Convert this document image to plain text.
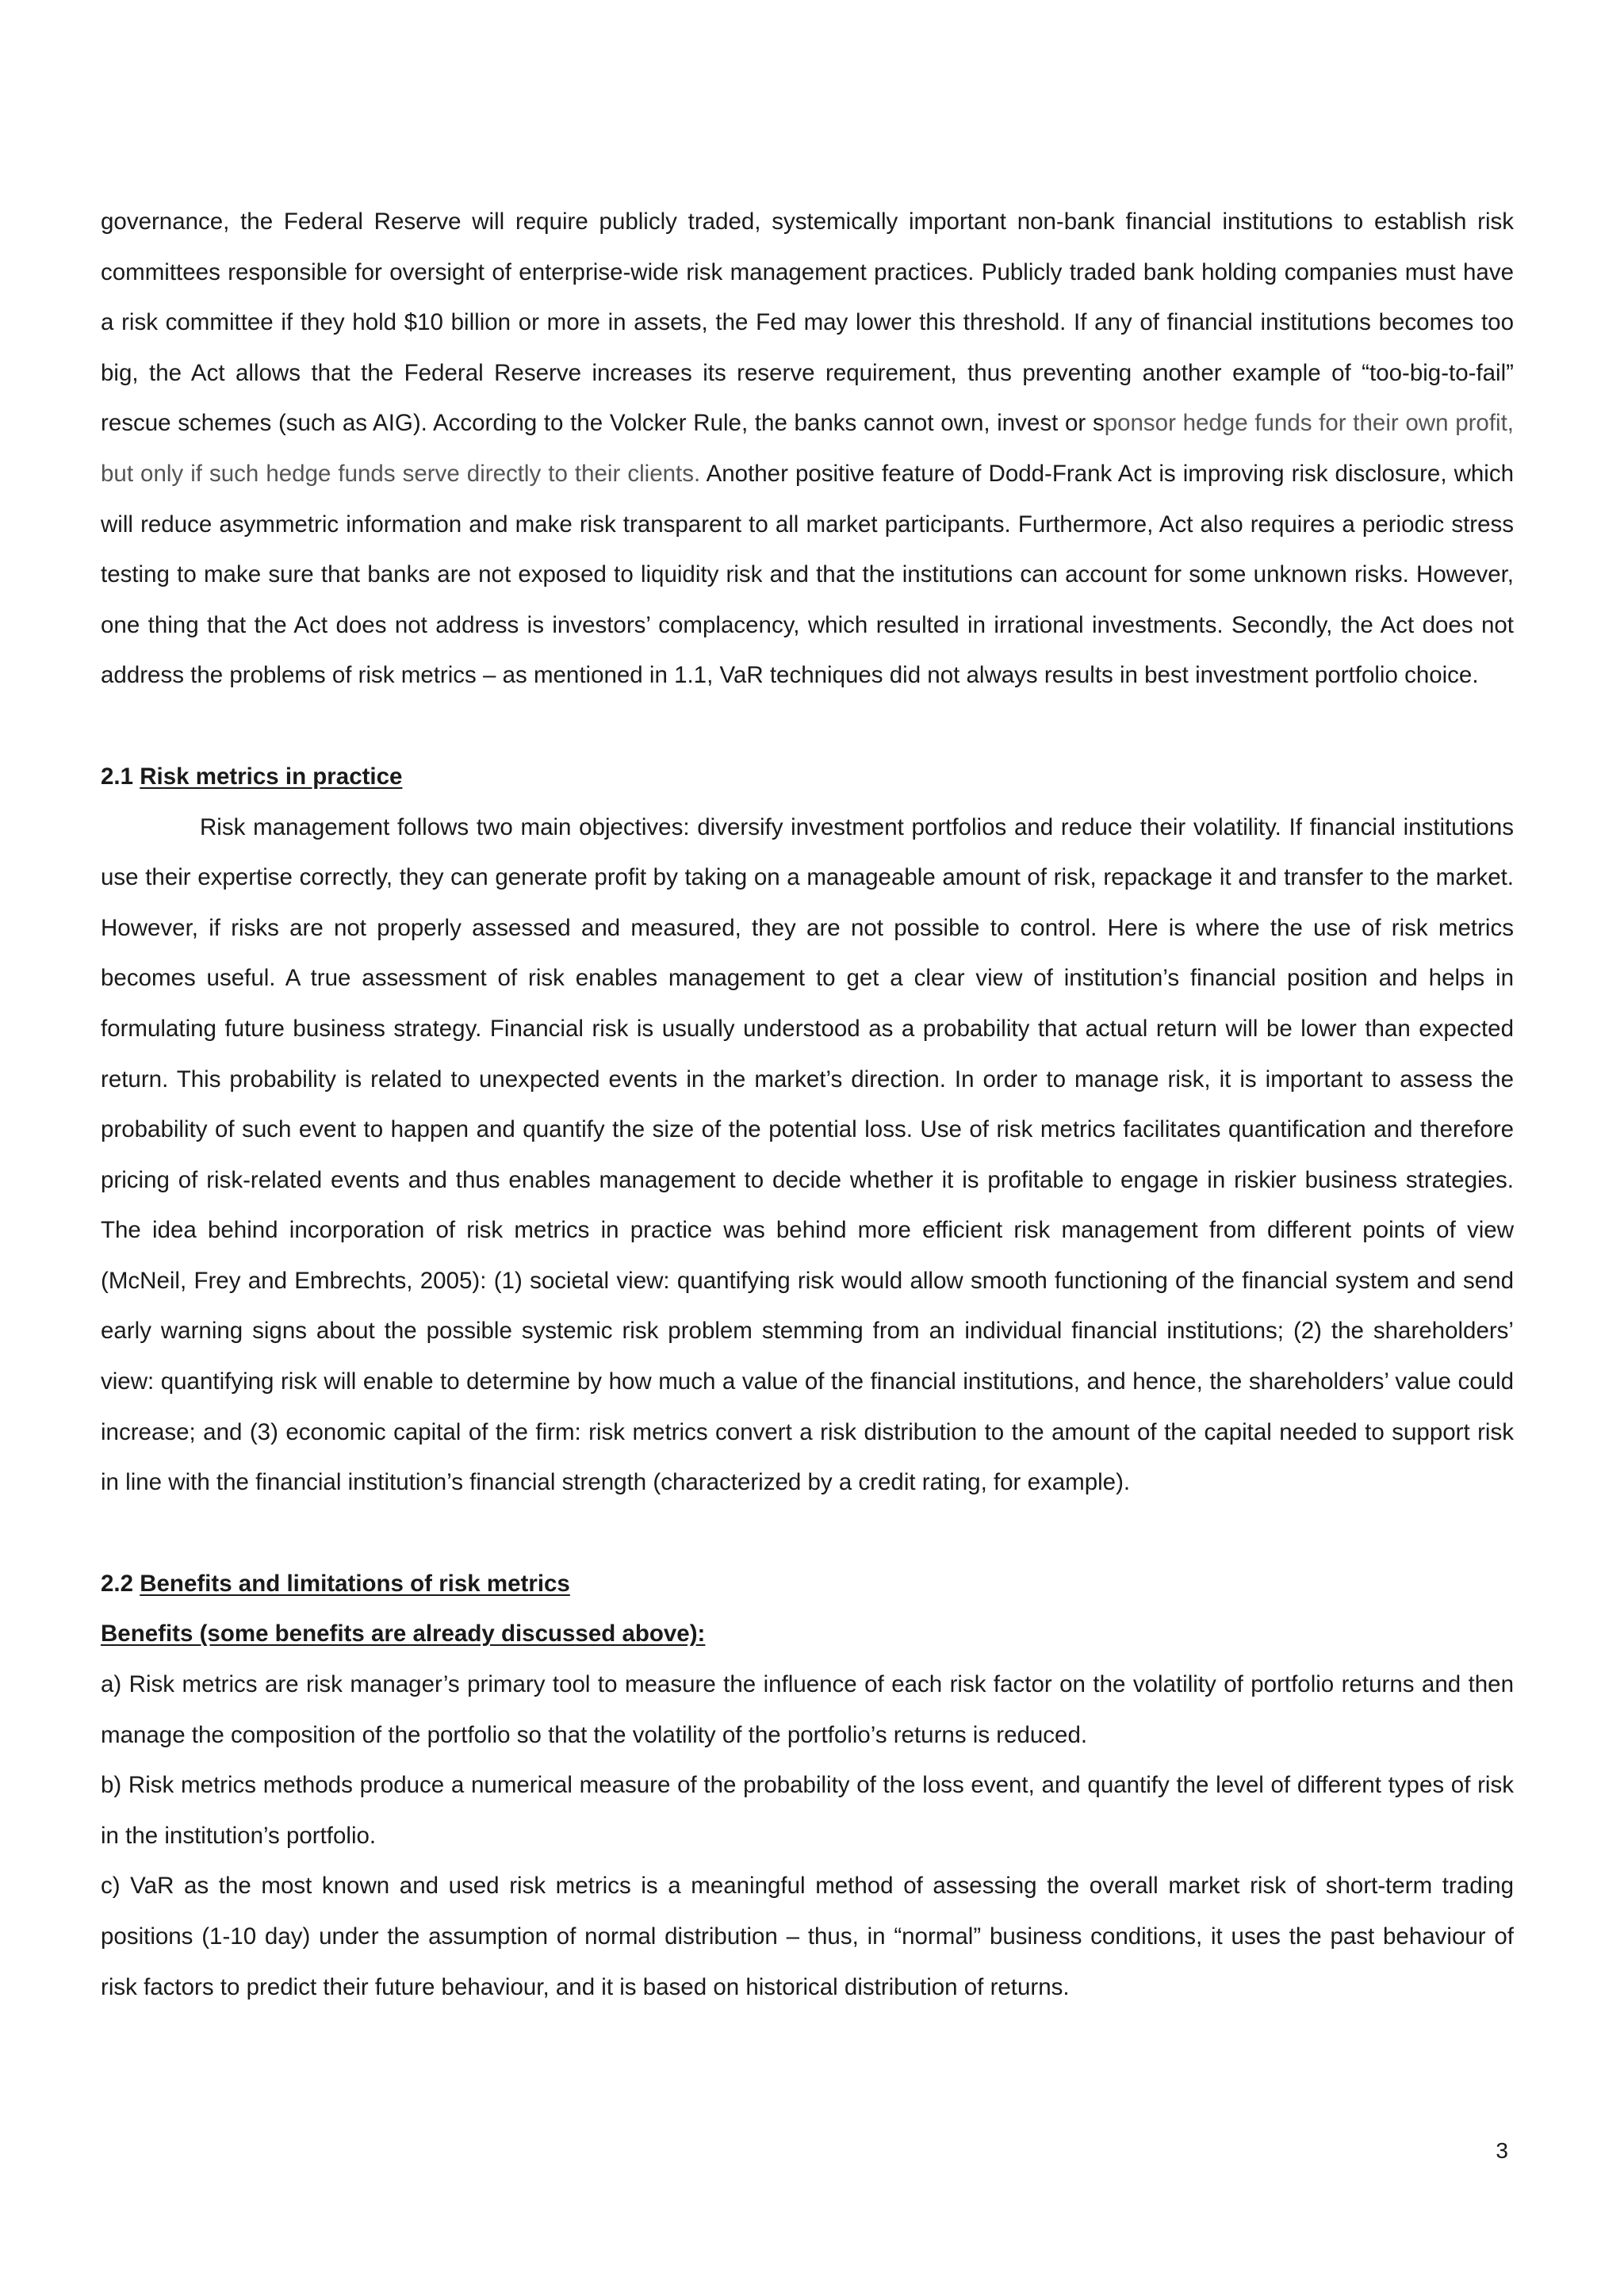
governance, the Federal Reserve will require publicly traded, systemically important non-bank financial institutions to establish risk committees responsible for oversight of enterprise-wide risk management practices. Publicly traded bank holding companies must have a risk committee if they hold $10 billion or more in assets, the Fed may lower this threshold. If any of financial institutions becomes too big, the Act allows that the Federal Reserve increases its reserve requirement, thus preventing another example of “too-big-to-fail” rescue schemes (such as AIG). According to the Volcker Rule, the banks cannot own, invest or sponsor hedge funds for their own profit, but only if such hedge funds serve directly to their clients. Another positive feature of Dodd-Frank Act is improving risk disclosure, which will reduce asymmetric information and make risk transparent to all market participants. Furthermore, Act also requires a periodic stress testing to make sure that banks are not exposed to liquidity risk and that the institutions can account for some unknown risks. However, one thing that the Act does not address is investors’ complacency, which resulted in irrational investments. Secondly, the Act does not address the problems of risk metrics – as mentioned in 1.1, VaR techniques did not always results in best investment portfolio choice.

2.1 Risk metrics in practice

Risk management follows two main objectives: diversify investment portfolios and reduce their volatility. If financial institutions use their expertise correctly, they can generate profit by taking on a manageable amount of risk, repackage it and transfer to the market. However, if risks are not properly assessed and measured, they are not possible to control. Here is where the use of risk metrics becomes useful. A true assessment of risk enables management to get a clear view of institution’s financial position and helps in formulating future business strategy. Financial risk is usually understood as a probability that actual return will be lower than expected return. This probability is related to unexpected events in the market’s direction. In order to manage risk, it is important to assess the probability of such event to happen and quantify the size of the potential loss. Use of risk metrics facilitates quantification and therefore pricing of risk-related events and thus enables management to decide whether it is profitable to engage in riskier business strategies. The idea behind incorporation of risk metrics in practice was behind more efficient risk management from different points of view (McNeil, Frey and Embrechts, 2005): (1) societal view: quantifying risk would allow smooth functioning of the financial system and send early warning signs about the possible systemic risk problem stemming from an individual financial institutions; (2) the shareholders’ view: quantifying risk will enable to determine by how much a value of the financial institutions, and hence, the shareholders’ value could increase; and (3) economic capital of the firm: risk metrics convert a risk distribution to the amount of the capital needed to support risk in line with the financial institution’s financial strength (characterized by a credit rating, for example).

2.2 Benefits and limitations of risk metrics

Benefits (some benefits are already discussed above):

a) Risk metrics are risk manager’s primary tool to measure the influence of each risk factor on the volatility of portfolio returns and then manage the composition of the portfolio so that the volatility of the portfolio’s returns is reduced.

b) Risk metrics methods produce a numerical measure of the probability of the loss event, and quantify the level of different types of risk in the institution’s portfolio.

c) VaR as the most known and used risk metrics is a meaningful method of assessing the overall market risk of short-term trading positions (1-10 day) under the assumption of normal distribution – thus, in “normal” business conditions, it uses the past behaviour of risk factors to predict their future behaviour, and it is based on historical distribution of returns.

3
